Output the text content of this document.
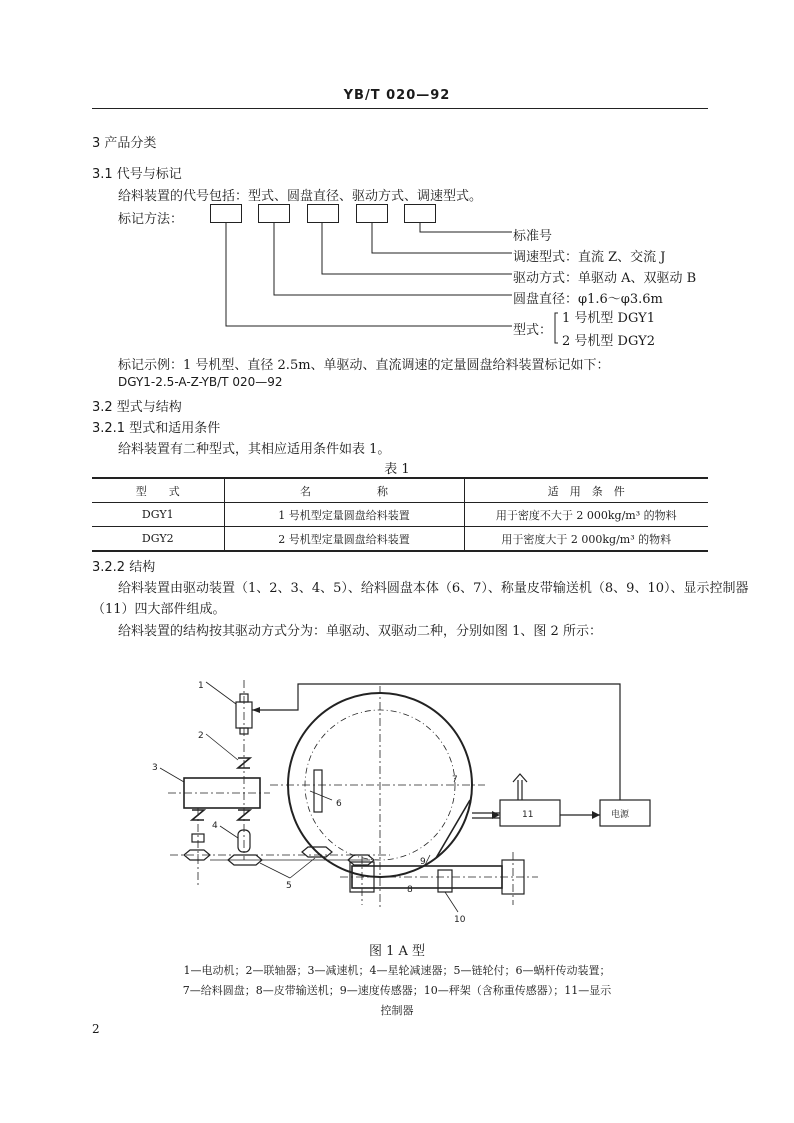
YB/T 020—92
3 产品分类
3.1 代号与标记
给料装置的代号包括：型式、圆盘直径、驱动方式、调速型式。
标记方法：
标准号
调速型式：直流 Z、交流 J
驱动方式：单驱动 A、双驱动 B
圆盘直径：φ1.6～φ3.6m
型式：
1 号机型 DGY1
2 号机型 DGY2
标记示例：1 号机型、直径 2.5m、单驱动、直流调速的定量圆盘给料装置标记如下：
DGY1-2.5-A-Z-YB/T 020—92
3.2 型式与结构
3.2.1 型式和适用条件
给料装置有二种型式，其相应适用条件如表 1。
表 1
型　　式	名　　　　　　称	适　用　条　件
DGY1	1 号机型定量圆盘给料装置	用于密度不大于 2 000kg/m³ 的物料
DGY2	2 号机型定量圆盘给料装置	用于密度大于 2 000kg/m³ 的物料
3.2.2 结构
给料装置由驱动装置（1、2、3、4、5）、给料圆盘本体（6、7）、称量皮带输送机（8、9、10）、显示控制器
（11）四大部件组成。
给料装置的结构按其驱动方式分为：单驱动、双驱动二种，分别如图 1、图 2 所示：
1
2
3
4
5
6
7
8
9
10
11	电源
图 1 A 型
1—电动机；2—联轴器；3—减速机；4—星轮减速器；5—链轮付；6—蜗杆传动装置；
7—给料圆盘；8—皮带输送机；9—速度传感器；10—秤架（含称重传感器）；11—显示
控制器
2
